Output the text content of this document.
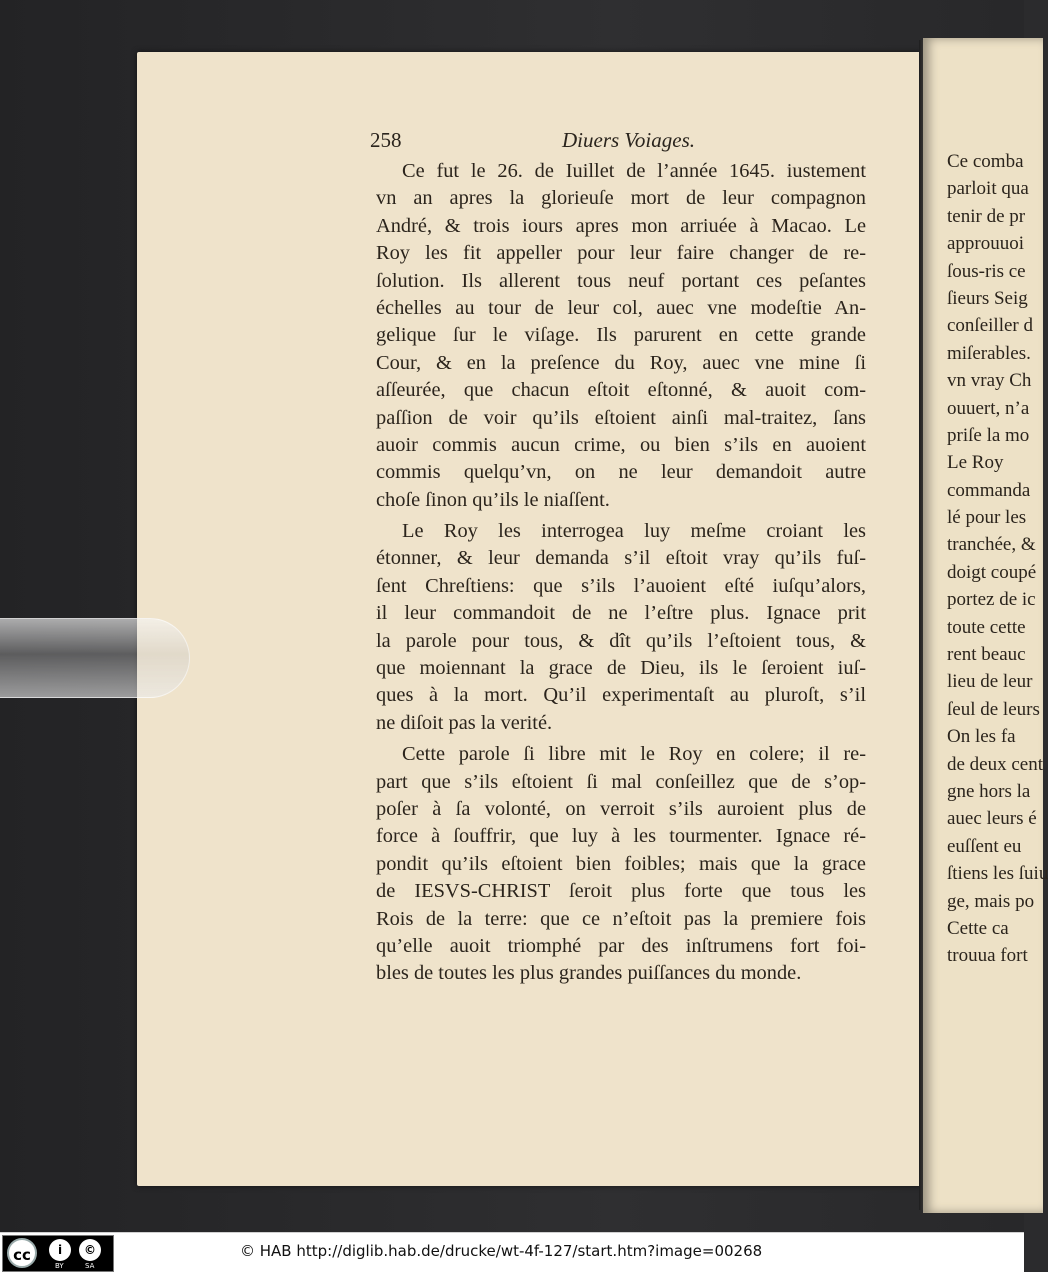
258	Diuers Voiages.
Ce fut le 26. de Iuillet de l’année 1645. iustement
vn an apres la glorieuſe mort de leur compagnon
André, & trois iours apres mon arriuée à Macao. Le
Roy les fit appeller pour leur faire changer de re-
ſolution. Ils allerent tous neuf portant ces peſantes
échelles au tour de leur col, auec vne modeſtie An-
gelique ſur le viſage. Ils parurent en cette grande
Cour, & en la preſence du Roy, auec vne mine ſi
aſſeurée, que chacun eſtoit eſtonné, & auoit com-
paſſion de voir qu’ils eſtoient ainſi mal-traitez, ſans
auoir commis aucun crime, ou bien s’ils en auoient
commis quelqu’vn, on ne leur demandoit autre
choſe ſinon qu’ils le niaſſent.
Le Roy les interrogea luy meſme croiant les
étonner, & leur demanda s’il eſtoit vray qu’ils fuſ-
ſent Chreſtiens: que s’ils l’auoient eſté iuſqu’alors,
il leur commandoit de ne l’eſtre plus. Ignace prit
la parole pour tous, & dît qu’ils l’eſtoient tous, &
que moiennant la grace de Dieu, ils le ſeroient iuſ-
ques à la mort. Qu’il experimentaſt au pluroſt, s’il
ne diſoit pas la verité.
Cette parole ſi libre mit le Roy en colere; il re-
part que s’ils eſtoient ſi mal conſeillez que de s’op-
poſer à ſa volonté, on verroit s’ils auroient plus de
force à ſouffrir, que luy à les tourmenter. Ignace ré-
pondit qu’ils eſtoient bien foibles; mais que la grace
de IESVS-CHRIST ſeroit plus forte que tous les
Rois de la terre: que ce n’eſtoit pas la premiere fois
qu’elle auoit triomphé par des inſtrumens fort foi-
bles de toutes les plus grandes puiſſances du monde.
Ce comba
parloit qua
tenir de pr
approuuoi
ſous-ris ce
ſieurs Seig
conſeiller d
miſerables.
vn vray Ch
ouuert, n’a
priſe la mo
Le Roy
commanda
lé pour les
tranchée, &
doigt coupé
portez de ic
toute cette
rent beauc
lieu de leur
ſeul de leurs
On les fa
de deux cent
gne hors la
auec leurs é
euſſent eu
ſtiens les ſuiu
ge, mais po
Cette ca
trouua fort
cc	i	©
BY	SA
© HAB http://diglib.hab.de/drucke/wt-4f-127/start.htm?image=00268
